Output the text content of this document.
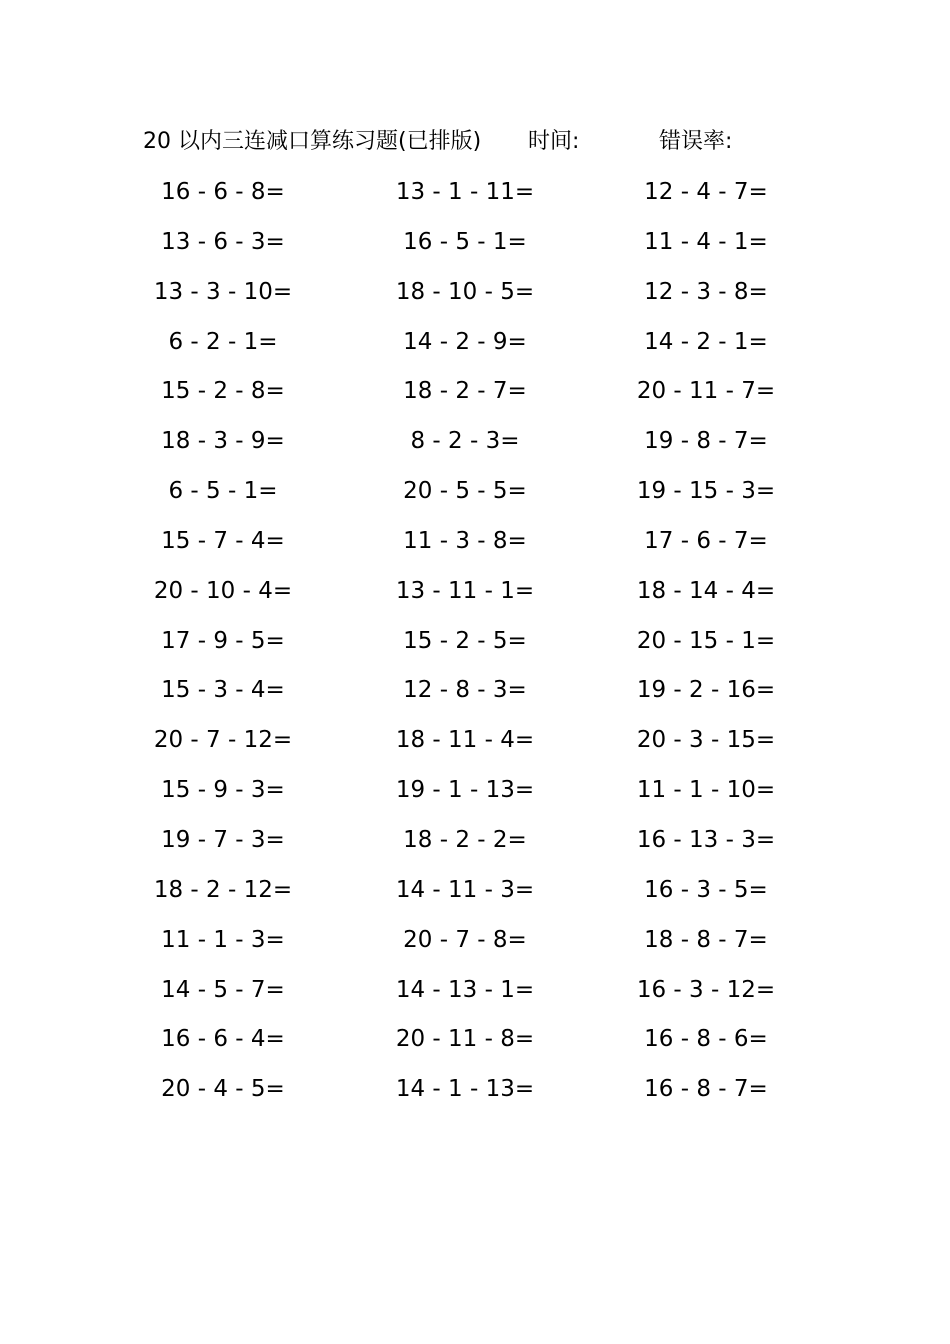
20 以内三连减口算练习题(已排版) 时间:	错误率:
16 - 6 - 8=	13 - 1 - 11=	12 - 4 - 7=
13 - 6 - 3=	16 - 5 - 1=	11 - 4 - 1=
13 - 3 - 10=	18 - 10 - 5=	12 - 3 - 8=
6 - 2 - 1=	14 - 2 - 9=	14 - 2 - 1=
15 - 2 - 8=	18 - 2 - 7=	20 - 11 - 7=
18 - 3 - 9=	8 - 2 - 3=	19 - 8 - 7=
6 - 5 - 1=	20 - 5 - 5=	19 - 15 - 3=
15 - 7 - 4=	11 - 3 - 8=	17 - 6 - 7=
20 - 10 - 4=	13 - 11 - 1=	18 - 14 - 4=
17 - 9 - 5=	15 - 2 - 5=	20 - 15 - 1=
15 - 3 - 4=	12 - 8 - 3=	19 - 2 - 16=
20 - 7 - 12=	18 - 11 - 4=	20 - 3 - 15=
15 - 9 - 3=	19 - 1 - 13=	11 - 1 - 10=
19 - 7 - 3=	18 - 2 - 2=	16 - 13 - 3=
18 - 2 - 12=	14 - 11 - 3=	16 - 3 - 5=
11 - 1 - 3=	20 - 7 - 8=	18 - 8 - 7=
14 - 5 - 7=	14 - 13 - 1=	16 - 3 - 12=
16 - 6 - 4=	20 - 11 - 8=	16 - 8 - 6=
20 - 4 - 5=	14 - 1 - 13=	16 - 8 - 7=
